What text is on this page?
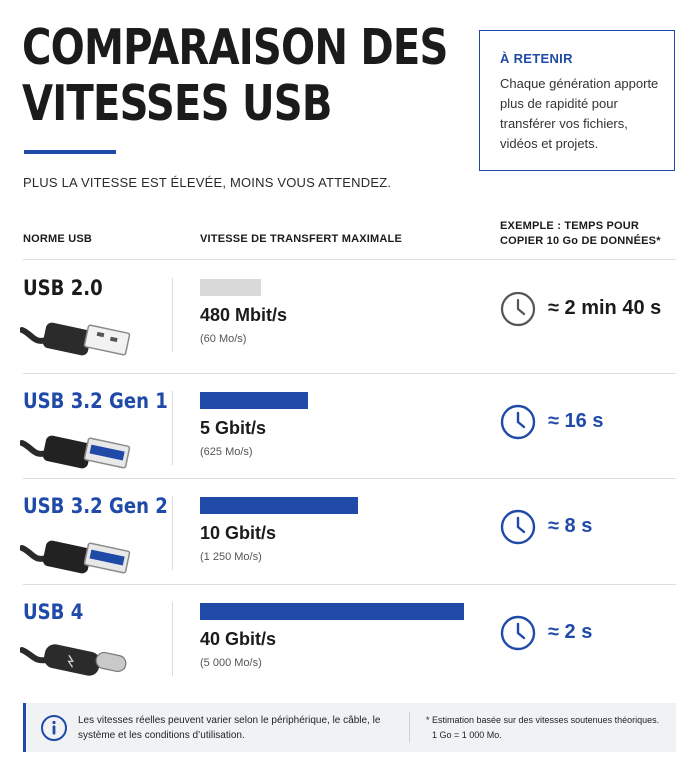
COMPARAISON DES
VITESSES USB
À RETENIR
Chaque génération apporte plus de rapidité pour transférer vos fichiers, vidéos et projets.
PLUS LA VITESSE EST ÉLEVÉE, MOINS VOUS ATTENDEZ.
NORME USB	VITESSE DE TRANSFERT MAXIMALE
EXEMPLE : TEMPS POUR
COPIER 10 Go DE DONNÉES*
USB 2.0
480 Mbit/s
(60 Mo/s)
≈ 2 min 40 s
USB 3.2 Gen 1
5 Gbit/s
(625 Mo/s)
≈ 16 s
USB 3.2 Gen 2
10 Gbit/s
(1 250 Mo/s)
≈ 8 s
USB 4
40 Gbit/s
(5 000 Mo/s)
≈ 2 s
Les vitesses réelles peuvent varier selon le périphérique, le câble, le système et les conditions d’utilisation.
* Estimation basée sur des vitesses soutenues théoriques.
1 Go = 1 000 Mo.
